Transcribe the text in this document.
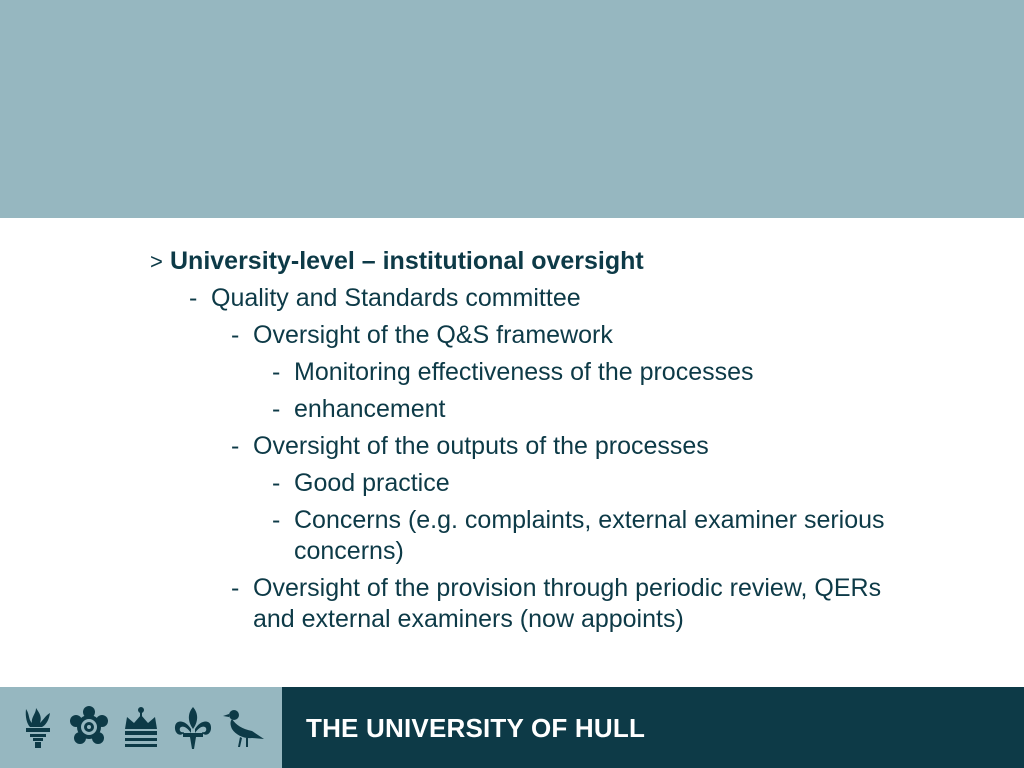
> University-level – institutional oversight
- Quality and Standards committee
- Oversight of the Q&S framework
- Monitoring effectiveness of the processes
- enhancement
- Oversight of the outputs of the processes
- Good practice
- Concerns (e.g. complaints, external examiner serious concerns)
- Oversight of the provision through periodic review, QERs and external examiners (now appoints)
THE UNIVERSITY OF HULL
